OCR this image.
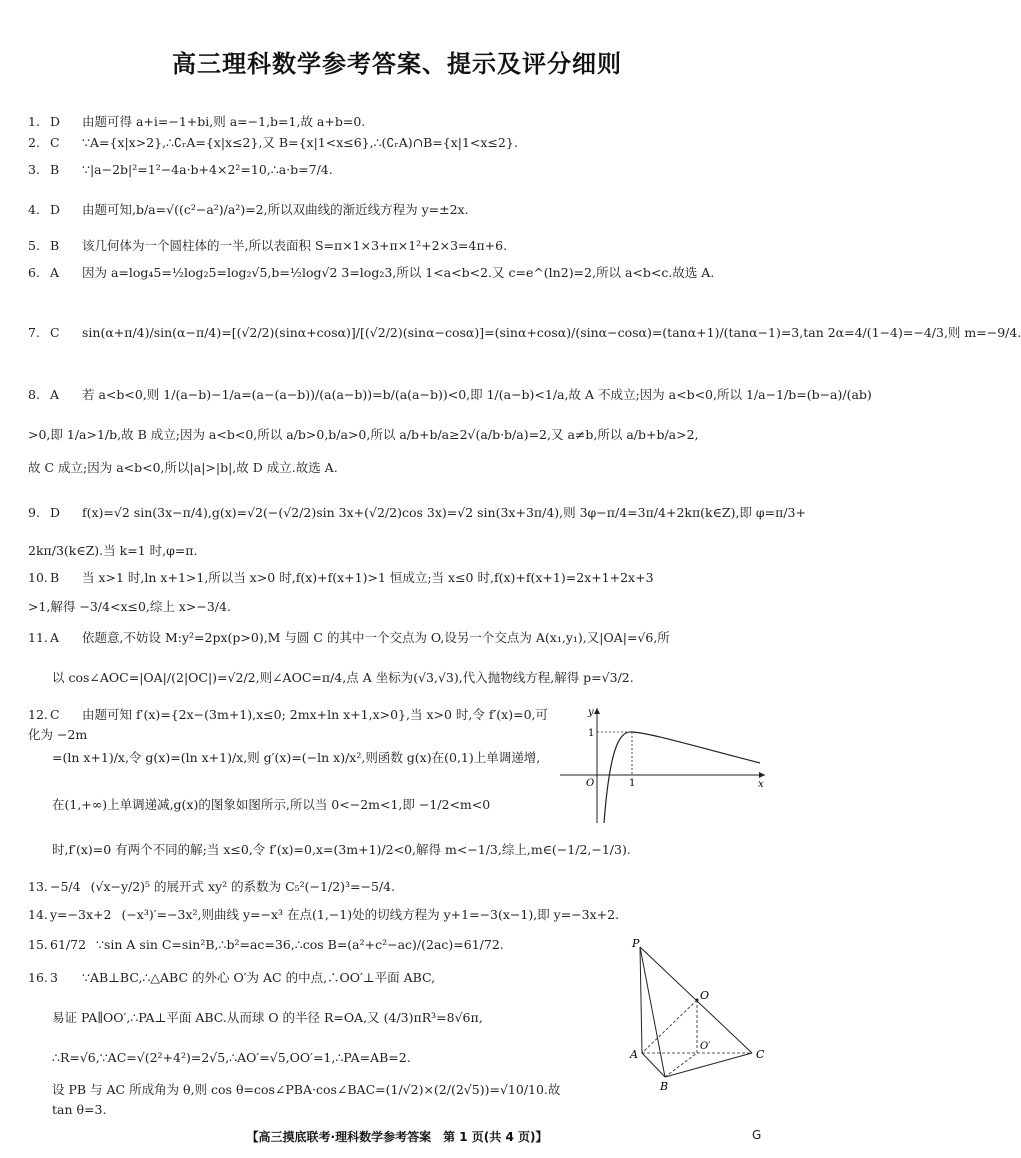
高三理科数学参考答案、提示及评分细则
1. D 由题可得 a+i=−1+bi,则 a=−1,b=1,故 a+b=0.
2. C ∵A={x|x>2},∴∁ᵣA={x|x≤2},又 B={x|1<x≤6},∴(∁ᵣA)∩B={x|1<x≤2}.
3. B ∵|a−2b|²=1²−4a·b+4×2²=10,∴a·b=7/4.
4. D 由题可知,b/a=√((c²−a²)/a²)=2,所以双曲线的渐近线方程为 y=±2x.
5. B 该几何体为一个圆柱体的一半,所以表面积 S=π×1×3+π×1²+2×3=4π+6.
6. A 因为 a=log₄5=½log₂5=log₂√5,b=½log√2 3=log₂3,所以 1<a<b<2.又 c=e^(ln2)=2,所以 a<b<c.故选 A.
7. C sin(α+π/4)/sin(α−π/4)=[(√2/2)(sinα+cosα)]/[(√2/2)(sinα−cosα)]=(sinα+cosα)/(sinα−cosα)=(tanα+1)/(tanα−1)=3,tan 2α=4/(1−4)=−4/3,则 m=−9/4.
8. A 若 a<b<0,则 1/(a−b)−1/a=(a−(a−b))/(a(a−b))=b/(a(a−b))<0,即 1/(a−b)<1/a,故 A 不成立;因为 a<b<0,所以 1/a−1/b=(b−a)/(ab)
>0,即 1/a>1/b,故 B 成立;因为 a<b<0,所以 a/b>0,b/a>0,所以 a/b+b/a≥2√(a/b·b/a)=2,又 a≠b,所以 a/b+b/a>2,
故 C 成立;因为 a<b<0,所以|a|>|b|,故 D 成立.故选 A.
9. D f(x)=√2 sin(3x−π/4),g(x)=√2(−(√2/2)sin 3x+(√2/2)cos 3x)=√2 sin(3x+3π/4),则 3φ−π/4=3π/4+2kπ(k∈Z),即 φ=π/3+
2kπ/3(k∈Z).当 k=1 时,φ=π.
10. B 当 x>1 时,ln x+1>1,所以当 x>0 时,f(x)+f(x+1)>1 恒成立;当 x≤0 时,f(x)+f(x+1)=2x+1+2x+3
>1,解得 −3/4<x≤0,综上 x>−3/4.
11. A 依题意,不妨设 M:y²=2px(p>0),M 与圆 C 的其中一个交点为 O,设另一个交点为 A(x₁,y₁),又|OA|=√6,所
以 cos∠AOC=|OA|/(2|OC|)=√2/2,则∠AOC=π/4,点 A 坐标为(√3,√3),代入抛物线方程,解得 p=√3/2.
12. C 由题可知 f′(x)={2x−(3m+1),x≤0; 2mx+ln x+1,x>0},当 x>0 时,令 f′(x)=0,可化为 −2m
=(ln x+1)/x,令 g(x)=(ln x+1)/x,则 g′(x)=(−ln x)/x²,则函数 g(x)在(0,1)上单调递增,
在(1,+∞)上单调递减,g(x)的图象如图所示,所以当 0<−2m<1,即 −1/2<m<0
时,f′(x)=0 有两个不同的解;当 x≤0,令 f′(x)=0,x=(3m+1)/2<0,解得 m<−1/3,综上,m∈(−1/2,−1/3).
13. −5/4 (√x−y/2)⁵ 的展开式 xy² 的系数为 C₅²(−1/2)³=−5/4.
14. y=−3x+2 (−x³)′=−3x²,则曲线 y=−x³ 在点(1,−1)处的切线方程为 y+1=−3(x−1),即 y=−3x+2.
15. 61/72 ∵sin A sin C=sin²B,∴b²=ac=36,∴cos B=(a²+c²−ac)/(2ac)=61/72.
16. 3 ∵AB⊥BC,∴△ABC 的外心 O′为 AC 的中点,∴OO′⊥平面 ABC,
易证 PA∥OO′,∴PA⊥平面 ABC.从而球 O 的半径 R=OA,又 (4/3)πR³=8√6π,
∴R=√6,∵AC=√(2²+4²)=2√5,∴AO′=√5,OO′=1,∴PA=AB=2.
设 PB 与 AC 所成角为 θ,则 cos θ=cos∠PBA·cos∠BAC=(1/√2)×(2/(2√5))=√10/10.故 tan θ=3.
y
x
O	1
1
P
O
O′
A
B
C
【高三摸底联考·理科数学参考答案　第 1 页(共 4 页)】	G
